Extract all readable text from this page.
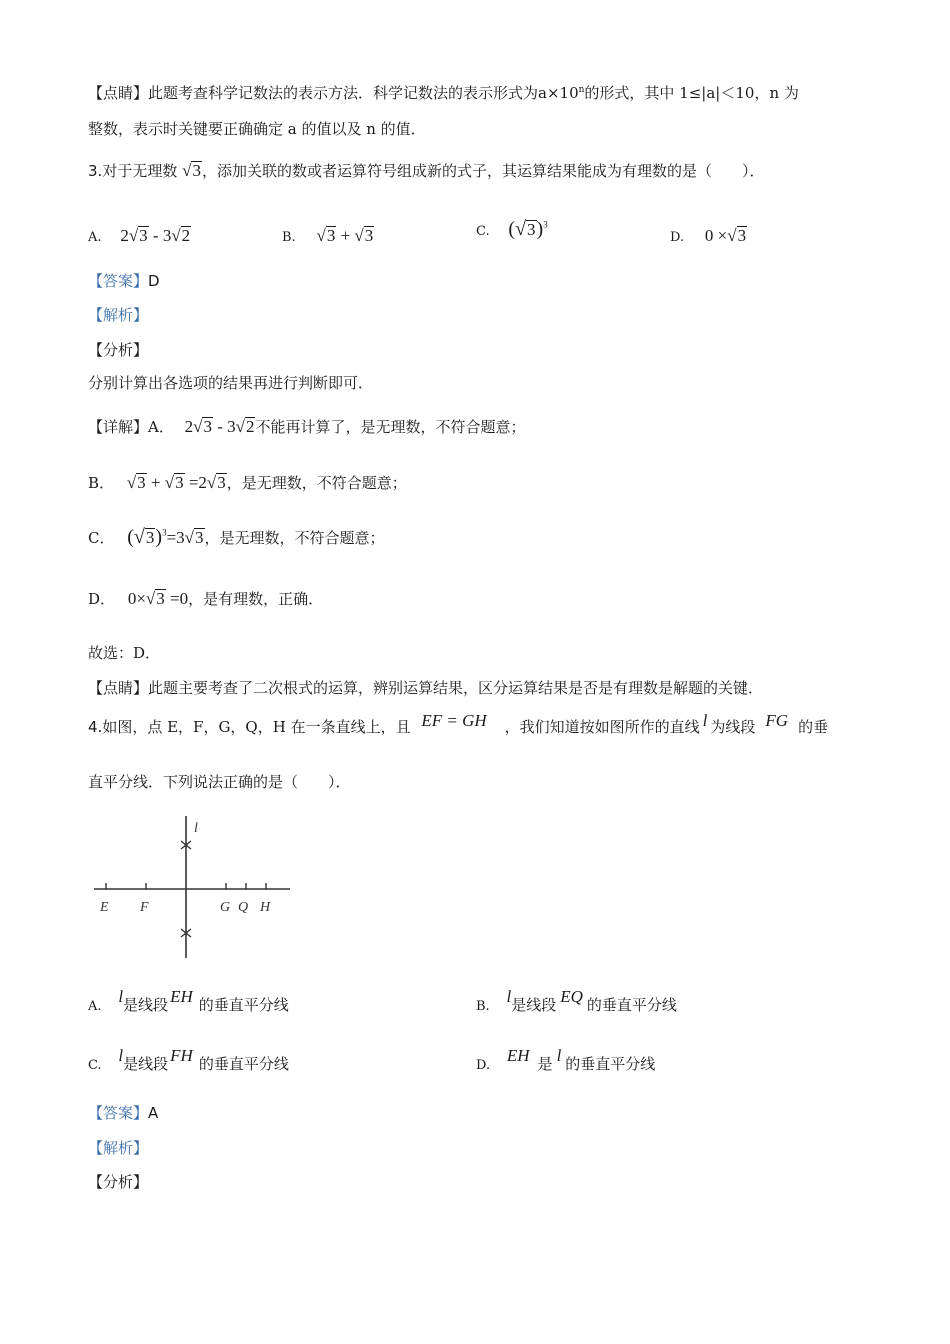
【点睛】此题考查科学记数法的表示方法．科学记数法的表示形式为$a\times 10^n$的形式，其中 1≤|a|＜10，n 为
整数，表示时关键要正确确定 a 的值以及 n 的值．
3.对于无理数 √3，添加关联的数或者运算符号组成新的式子，其运算结果能成为有理数的是（　　）．
A. 2√3 - 3√2	B. √3 + √3	C. $(√3)^3$
D. 0 ×√3
【答案】D
【解析】
【分析】
分别计算出各选项的结果再进行判断即可．
【详解】A． 2√3 - 3√2不能再计算了，是无理数，不符合题意；
B． √3 + √3 =2√3，是无理数，不符合题意；
C． $(√3)^3=3√3$，是无理数，不符合题意；
D． 0×√3 =0，是有理数，正确．
故选：D．
【点睛】此题主要考查了二次根式的运算，辨别运算结果，区分运算结果是否是有理数是解题的关键．
4.如图，点 E，F，G，Q，H 在一条直线上，且 EF = GH ，我们知道按如图所作的直线 l 为线段 FG 的垂
直平分线．下列说法正确的是（　　）．
E F	G Q H
l
A. l是线段 EH 的垂直平分线	B. l是线段 EQ 的垂直平分线
C. l是线段 FH 的垂直平分线	D. EH 是 l 的垂直平分线
【答案】A
【解析】
【分析】
